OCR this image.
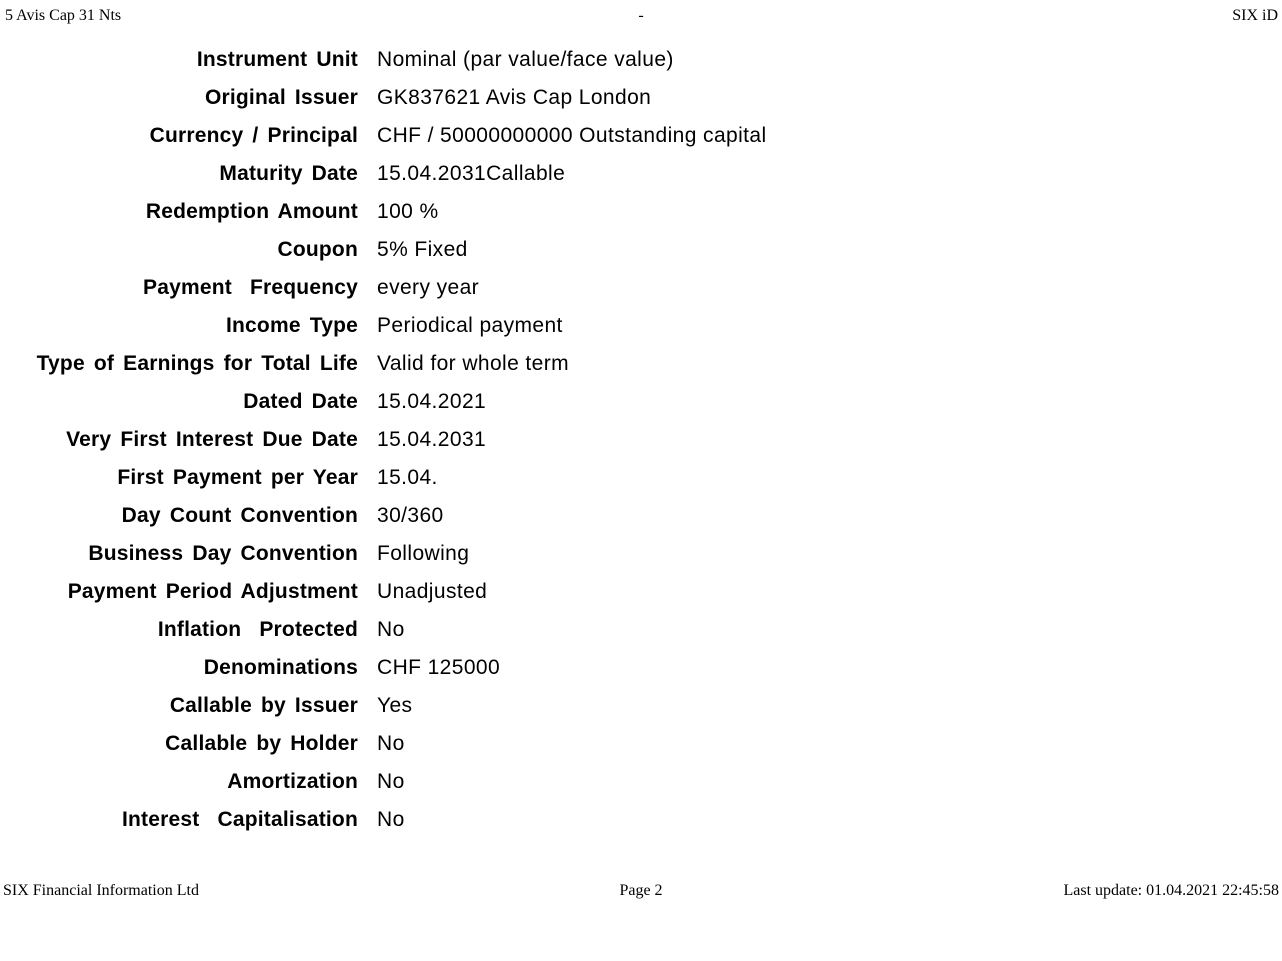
5 Avis Cap 31 Nts

	-

	SIX iD

Instrument Unit Nominal (par value/face value)
Original Issuer GK837621 Avis Cap London
Currency / Principal CHF / 50000000000 Outstanding capital
Maturity Date 15.04.2031Callable
Redemption Amount 100 %
Coupon 5% Fixed
Payment  Frequency every year
Income Type Periodical payment
Type of Earnings for Total Life Valid for whole term
Dated Date 15.04.2021
Very First Interest Due Date 15.04.2031
First Payment per Year 15.04.
Day Count Convention 30/360
Business Day Convention Following
Payment Period Adjustment Unadjusted
Inflation  Protected No
Denominations CHF 125000
Callable by Issuer Yes
Callable by Holder No
Amortization No
Interest  Capitalisation No

SIX Financial Information Ltd

	Page 2

	Last update: 01.04.2021 22:45:58
